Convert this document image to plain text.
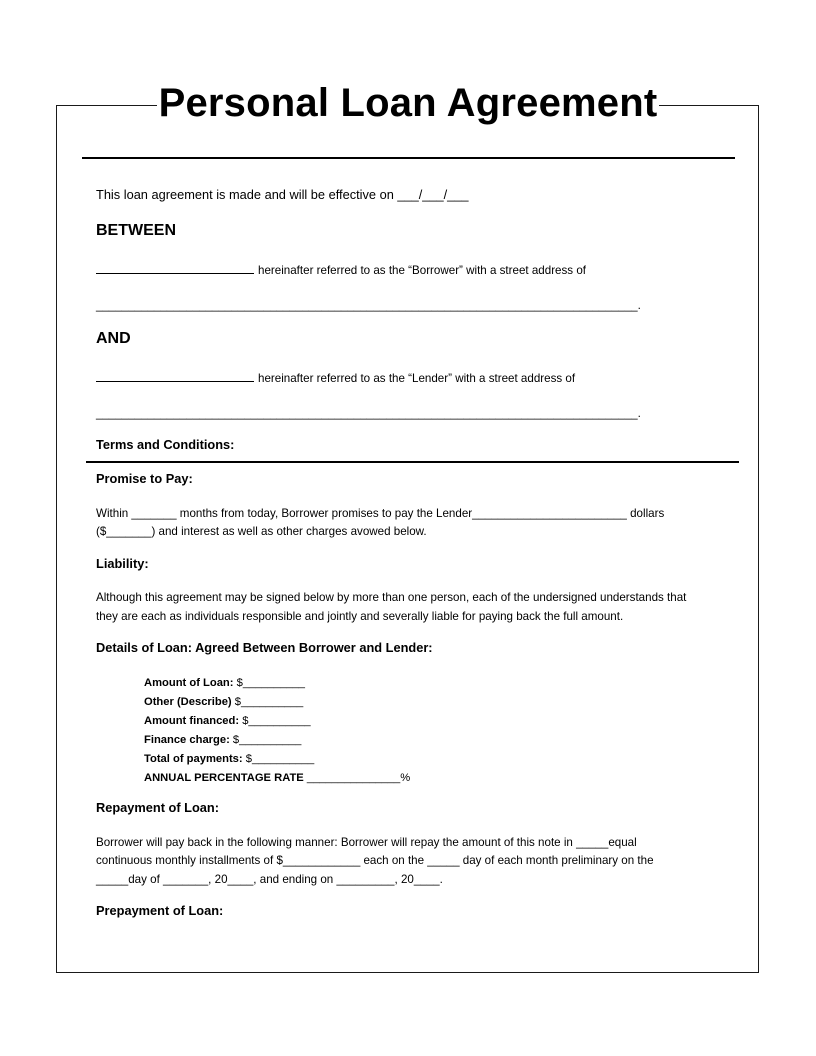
Personal Loan Agreement

This loan agreement is made and will be effective on ___/___/___

BETWEEN

hereinafter referred to as the “Borrower” with a street address of

____________________________________________________________________________________.

AND

hereinafter referred to as the “Lender” with a street address of

____________________________________________________________________________________.

Terms and Conditions:

Promise to Pay:

Within _______ months from today, Borrower promises to pay the Lender________________________ dollars

($_______) and interest as well as other charges avowed below.

Liability:

Although this agreement may be signed below by more than one person, each of the undersigned understands that

they are each as individuals responsible and jointly and severally liable for paying back the full amount.

Details of Loan: Agreed Between Borrower and Lender:

Amount of Loan: $__________
Other (Describe) $__________
Amount financed: $__________
Finance charge: $__________
Total of payments: $__________
ANNUAL PERCENTAGE RATE _______________%

Repayment of Loan:

Borrower will pay back in the following manner: Borrower will repay the amount of this note in _____equal

continuous monthly installments of $____________ each on the _____ day of each month preliminary on the

_____day of _______, 20____, and ending on _________, 20____.

Prepayment of Loan:
